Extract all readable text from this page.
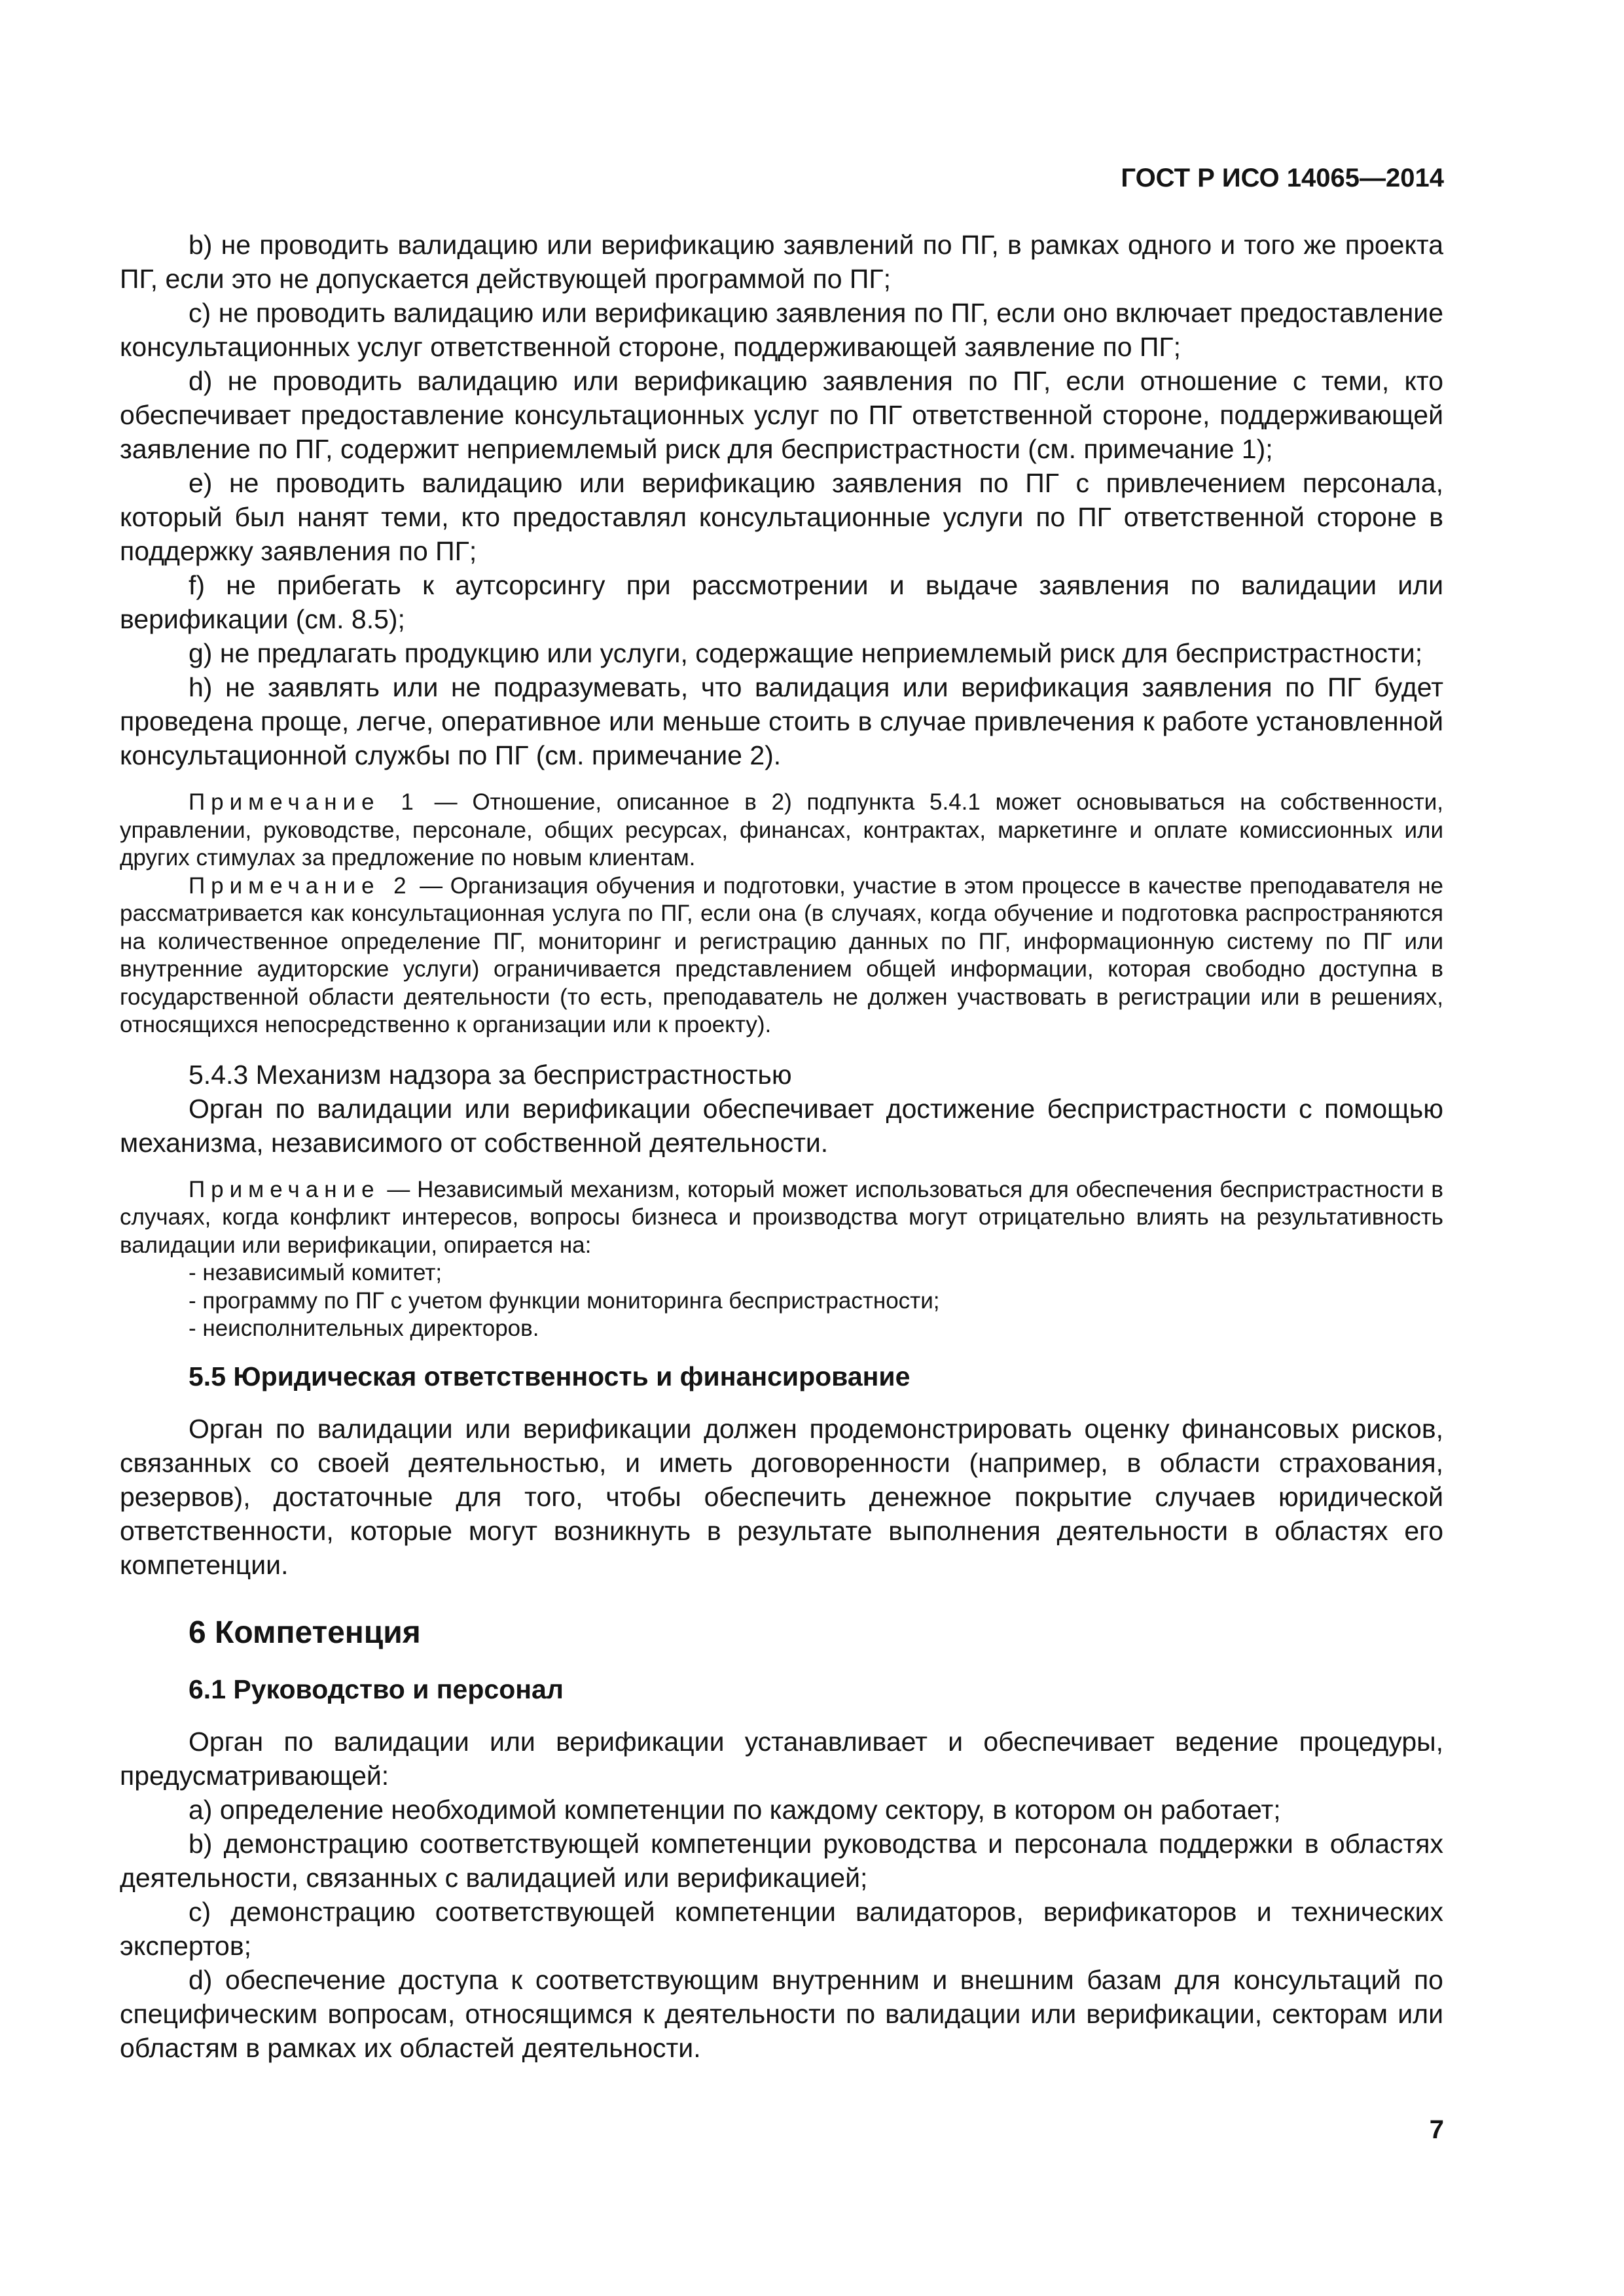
ГОСТ Р ИСО 14065—2014

b) не проводить валидацию или верификацию заявлений по ПГ, в рамках одного и того же проекта ПГ, если это не допускается действующей программой по ПГ;

c) не проводить валидацию или верификацию заявления по ПГ, если оно включает предоставление консультационных услуг ответственной стороне, поддерживающей заявление по ПГ;

d) не проводить валидацию или верификацию заявления по ПГ, если отношение с теми, кто обеспечивает предоставление консультационных услуг по ПГ ответственной стороне, поддерживающей заявление по ПГ, содержит неприемлемый риск для беспристрастности (см. примечание 1);

e) не проводить валидацию или верификацию заявления по ПГ с привлечением персонала, который был нанят теми, кто предоставлял консультационные услуги по ПГ ответственной стороне в поддержку заявления по ПГ;

f) не прибегать к аутсорсингу при рассмотрении и выдаче заявления по валидации или верификации (см. 8.5);

g) не предлагать продукцию или услуги, содержащие неприемлемый риск для беспристрастности;

h) не заявлять или не подразумевать, что валидация или верификация заявления по ПГ будет проведена проще, легче, оперативное или меньше стоить в случае привлечения к работе установленной консультационной службы по ПГ (см. примечание 2).

Примечание 1 — Отношение, описанное в 2) подпункта 5.4.1 может основываться на собственности, управлении, руководстве, персонале, общих ресурсах, финансах, контрактах, маркетинге и оплате комиссионных или других стимулах за предложение по новым клиентам.

Примечание 2 — Организация обучения и подготовки, участие в этом процессе в качестве преподавателя не рассматривается как консультационная услуга по ПГ, если она (в случаях, когда обучение и подготовка распространяются на количественное определение ПГ, мониторинг и регистрацию данных по ПГ, информационную систему по ПГ или внутренние аудиторские услуги) ограничивается представлением общей информации, которая свободно доступна в государственной области деятельности (то есть, преподаватель не должен участвовать в регистрации или в решениях, относящихся непосредственно к организации или к проекту).

5.4.3 Механизм надзора за беспристрастностью

Орган по валидации или верификации обеспечивает достижение беспристрастности с помощью механизма, независимого от собственной деятельности.

Примечание — Независимый механизм, который может использоваться для обеспечения беспристрастности в случаях, когда конфликт интересов, вопросы бизнеса и производства могут отрицательно влиять на результативность валидации или верификации, опирается на:

- независимый комитет;
- программу по ПГ с учетом функции мониторинга беспристрастности;
- неисполнительных директоров.
5.5 Юридическая ответственность и финансирование

Орган по валидации или верификации должен продемонстрировать оценку финансовых рисков, связанных со своей деятельностью, и иметь договоренности (например, в области страхования, резервов), достаточные для того, чтобы обеспечить денежное покрытие случаев юридической ответственности, которые могут возникнуть в результате выполнения деятельности в областях его компетенции.

6 Компетенция
6.1 Руководство и персонал

Орган по валидации или верификации устанавливает и обеспечивает ведение процедуры, предусматривающей:

a) определение необходимой компетенции по каждому сектору, в котором он работает;

b) демонстрацию соответствующей компетенции руководства и персонала поддержки в областях деятельности, связанных с валидацией или верификацией;

c) демонстрацию соответствующей компетенции валидаторов, верификаторов и технических экспертов;

d) обеспечение доступа к соответствующим внутренним и внешним базам для консультаций по специфическим вопросам, относящимся к деятельности по валидации или верификации, секторам или областям в рамках их областей деятельности.

7
